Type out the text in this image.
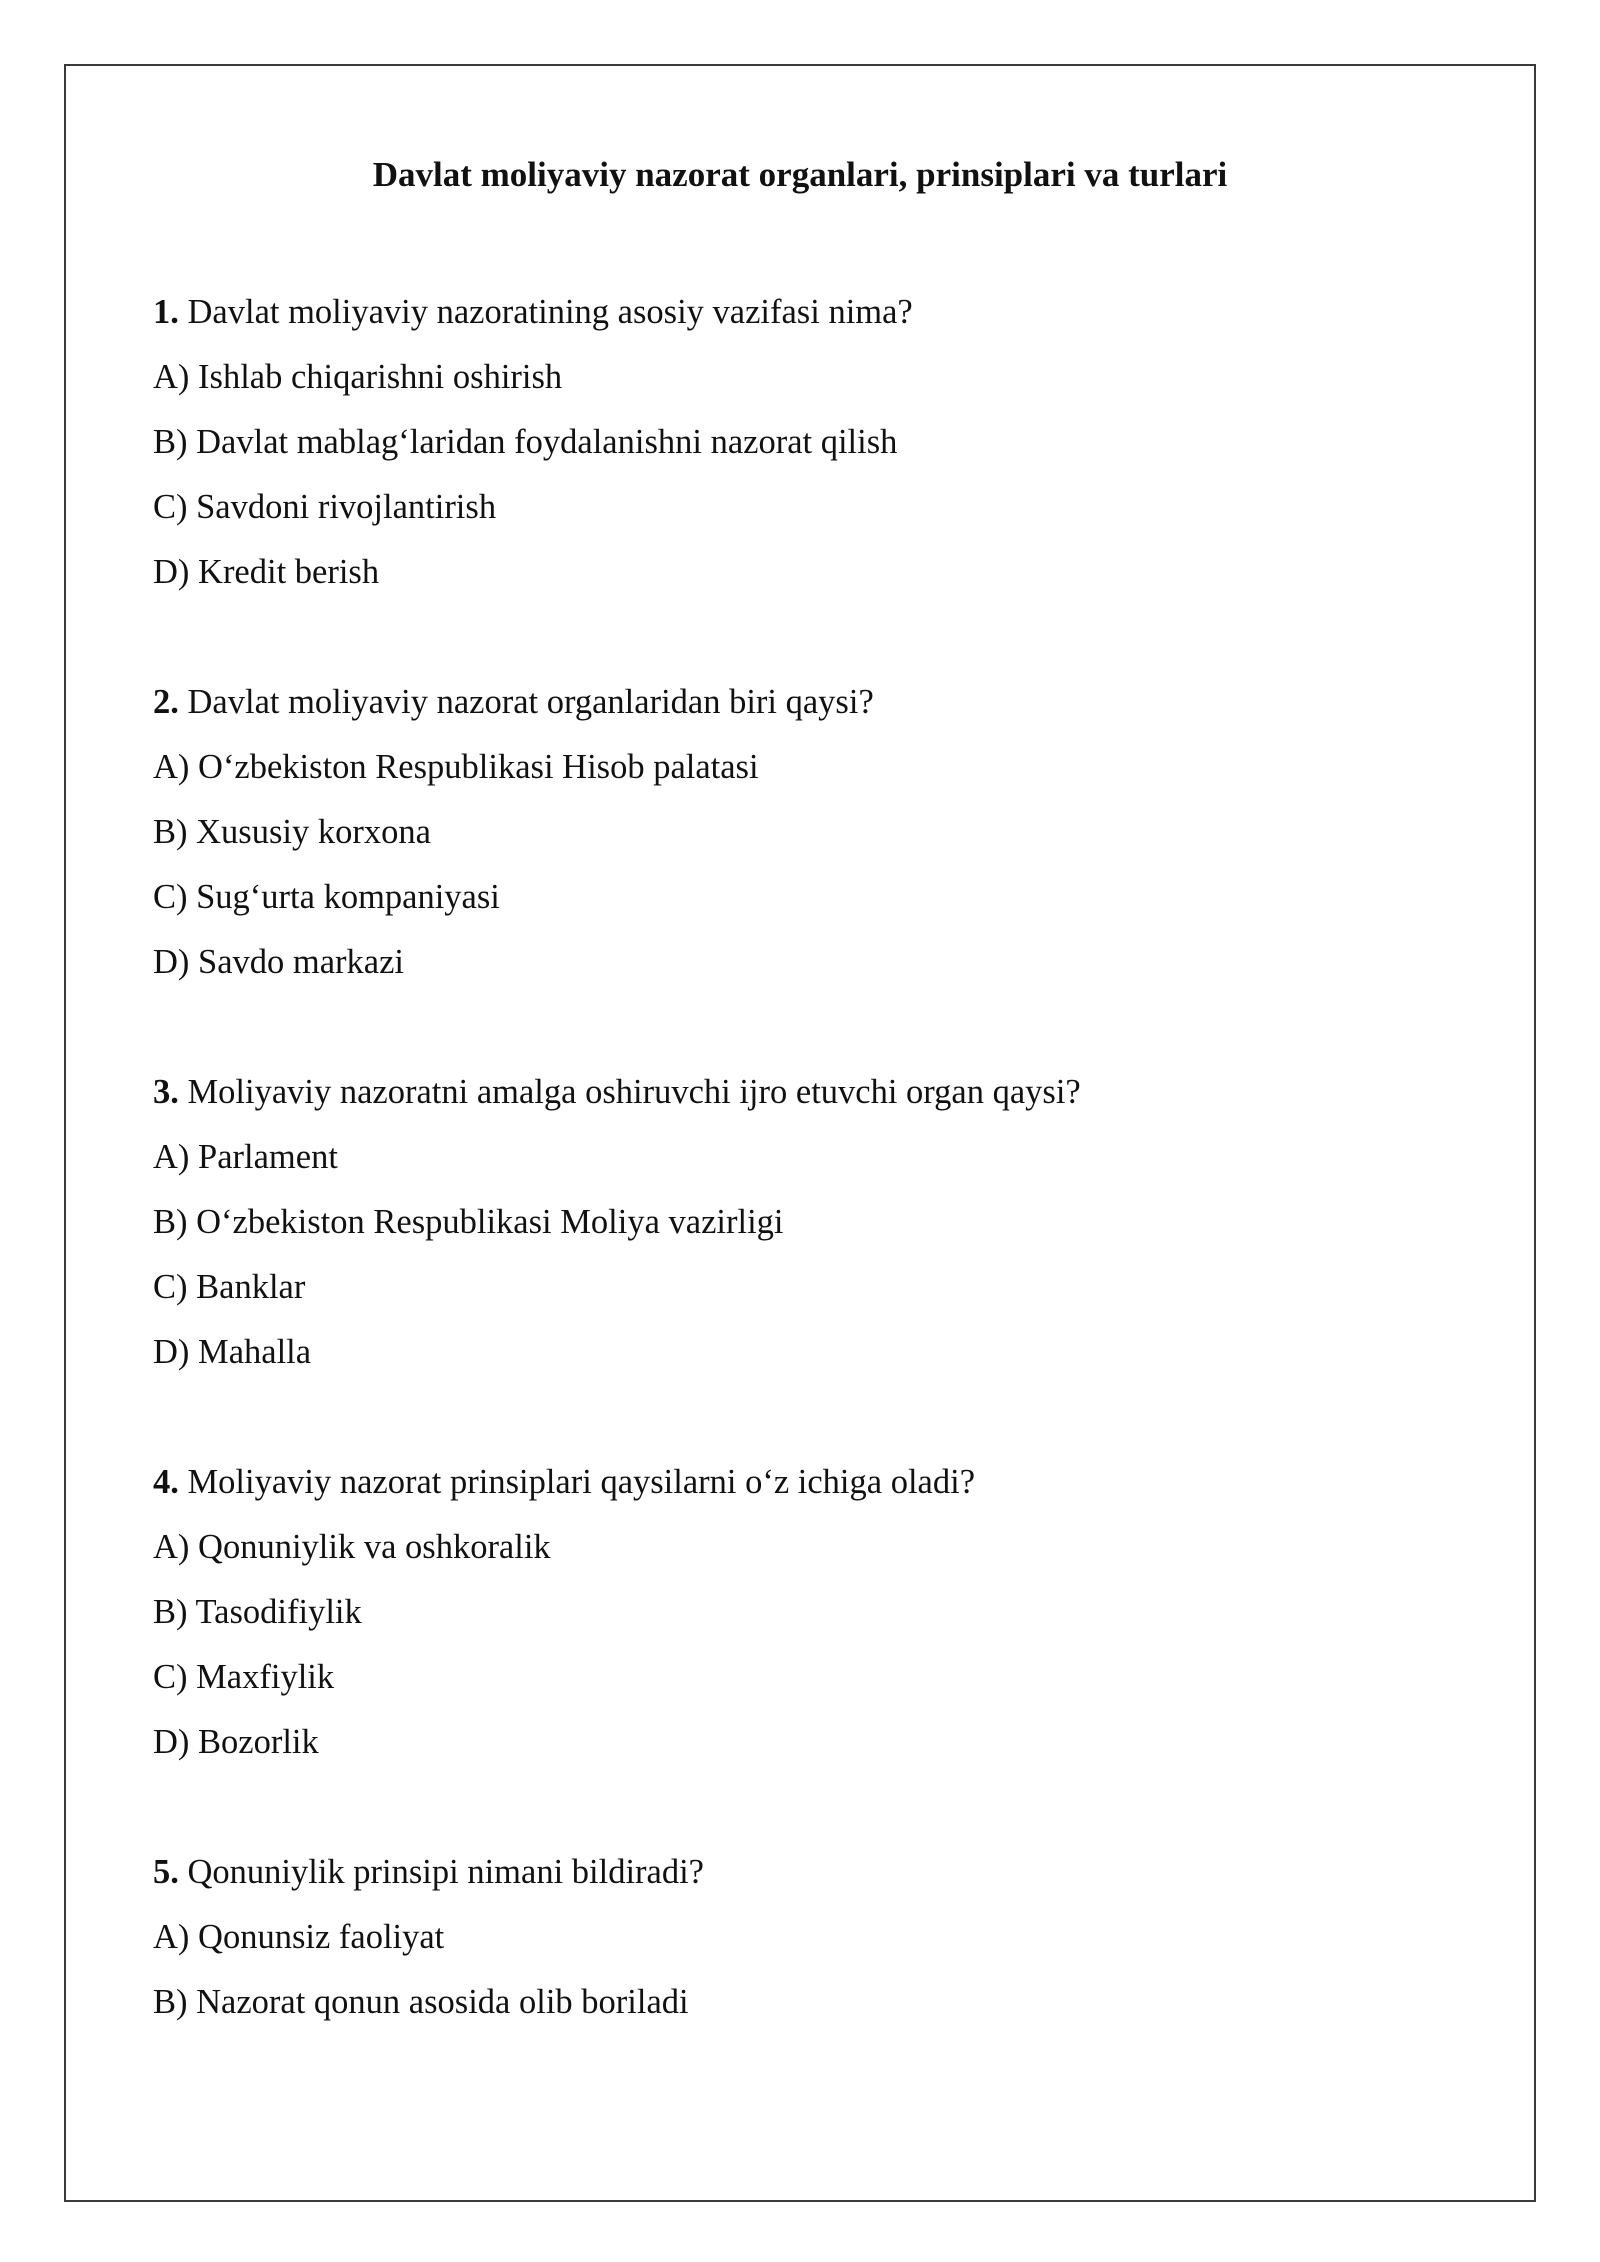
Davlat moliyaviy nazorat organlari, prinsiplari va turlari
1. Davlat moliyaviy nazoratining asosiy vazifasi nima?
A) Ishlab chiqarishni oshirish
B) Davlat mablag‘laridan foydalanishni nazorat qilish
C) Savdoni rivojlantirish
D) Kredit berish
2. Davlat moliyaviy nazorat organlaridan biri qaysi?
A) O‘zbekiston Respublikasi Hisob palatasi
B) Xususiy korxona
C) Sug‘urta kompaniyasi
D) Savdo markazi
3. Moliyaviy nazoratni amalga oshiruvchi ijro etuvchi organ qaysi?
A) Parlament
B) O‘zbekiston Respublikasi Moliya vazirligi
C) Banklar
D) Mahalla
4. Moliyaviy nazorat prinsiplari qaysilarni o‘z ichiga oladi?
A) Qonuniylik va oshkoralik
B) Tasodifiylik
C) Maxfiylik
D) Bozorlik
5. Qonuniylik prinsipi nimani bildiradi?
A) Qonunsiz faoliyat
B) Nazorat qonun asosida olib boriladi
